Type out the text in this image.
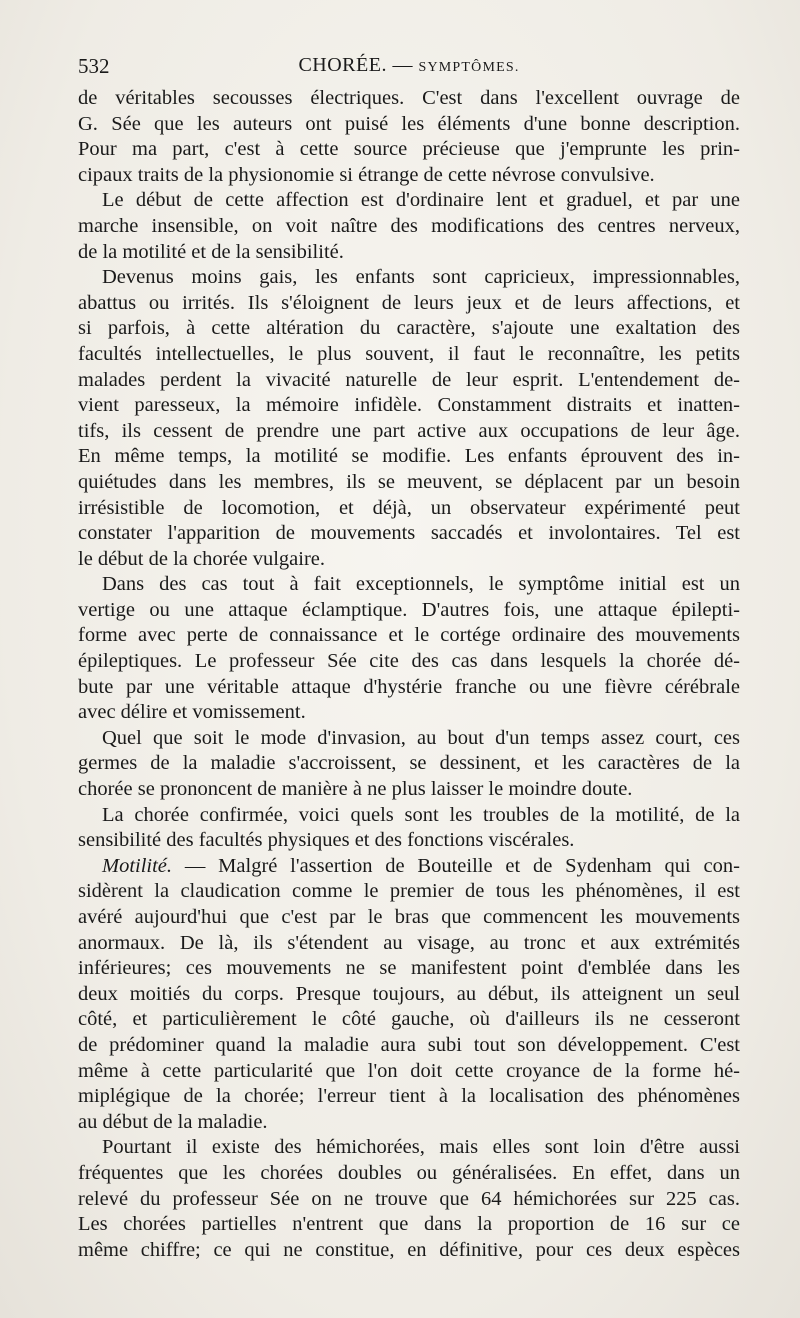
532	CHORÉE. — SYMPTÔMES.
de véritables secousses électriques. C'est dans l'excellent ouvrage de
G. Sée que les auteurs ont puisé les éléments d'une bonne description.
Pour ma part, c'est à cette source précieuse que j'emprunte les prin-
cipaux traits de la physionomie si étrange de cette névrose convulsive.
Le début de cette affection est d'ordinaire lent et graduel, et par une
marche insensible, on voit naître des modifications des centres nerveux,
de la motilité et de la sensibilité.
Devenus moins gais, les enfants sont capricieux, impressionnables,
abattus ou irrités. Ils s'éloignent de leurs jeux et de leurs affections, et
si parfois, à cette altération du caractère, s'ajoute une exaltation des
facultés intellectuelles, le plus souvent, il faut le reconnaître, les petits
malades perdent la vivacité naturelle de leur esprit. L'entendement de-
vient paresseux, la mémoire infidèle. Constamment distraits et inatten-
tifs, ils cessent de prendre une part active aux occupations de leur âge.
En même temps, la motilité se modifie. Les enfants éprouvent des in-
quiétudes dans les membres, ils se meuvent, se déplacent par un besoin
irrésistible de locomotion, et déjà, un observateur expérimenté peut
constater l'apparition de mouvements saccadés et involontaires. Tel est
le début de la chorée vulgaire.
Dans des cas tout à fait exceptionnels, le symptôme initial est un
vertige ou une attaque éclamptique. D'autres fois, une attaque épilepti-
forme avec perte de connaissance et le cortége ordinaire des mouvements
épileptiques. Le professeur Sée cite des cas dans lesquels la chorée dé-
bute par une véritable attaque d'hystérie franche ou une fièvre cérébrale
avec délire et vomissement.
Quel que soit le mode d'invasion, au bout d'un temps assez court, ces
germes de la maladie s'accroissent, se dessinent, et les caractères de la
chorée se prononcent de manière à ne plus laisser le moindre doute.
La chorée confirmée, voici quels sont les troubles de la motilité, de la
sensibilité des facultés physiques et des fonctions viscérales.
Motilité. — Malgré l'assertion de Bouteille et de Sydenham qui con-
sidèrent la claudication comme le premier de tous les phénomènes, il est
avéré aujourd'hui que c'est par le bras que commencent les mouvements
anormaux. De là, ils s'étendent au visage, au tronc et aux extrémités
inférieures; ces mouvements ne se manifestent point d'emblée dans les
deux moitiés du corps. Presque toujours, au début, ils atteignent un seul
côté, et particulièrement le côté gauche, où d'ailleurs ils ne cesseront
de prédominer quand la maladie aura subi tout son développement. C'est
même à cette particularité que l'on doit cette croyance de la forme hé-
miplégique de la chorée; l'erreur tient à la localisation des phénomènes
au début de la maladie.
Pourtant il existe des hémichorées, mais elles sont loin d'être aussi
fréquentes que les chorées doubles ou généralisées. En effet, dans un
relevé du professeur Sée on ne trouve que 64 hémichorées sur 225 cas.
Les chorées partielles n'entrent que dans la proportion de 16 sur ce
même chiffre; ce qui ne constitue, en définitive, pour ces deux espèces
